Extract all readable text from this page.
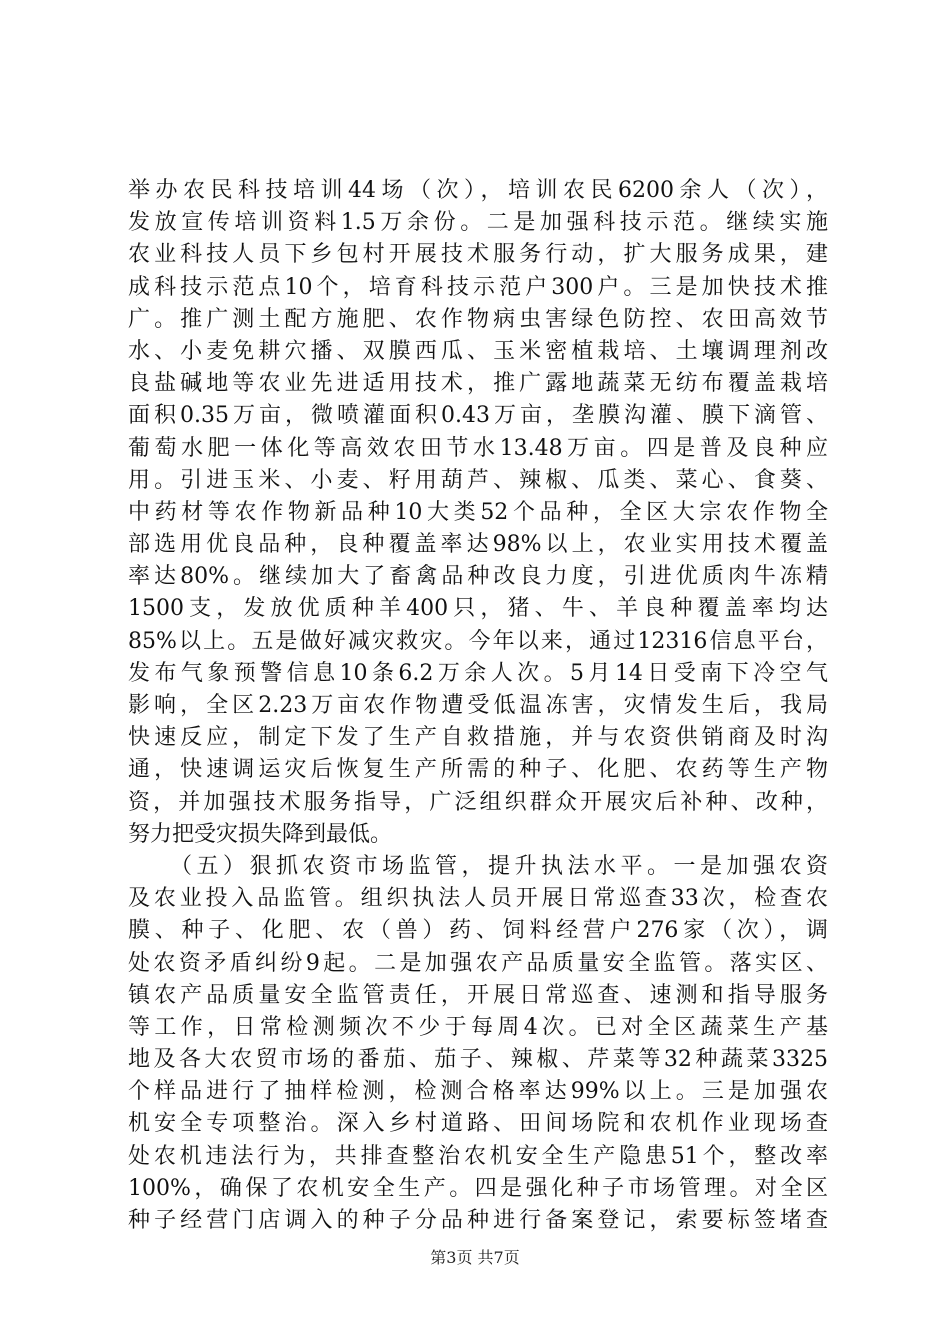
举办农民科技培训44场（次），培训农民6200余人（次），
发放宣传培训资料1.5万余份。二是加强科技示范。继续实施
农业科技人员下乡包村开展技术服务行动，扩大服务成果，建
成科技示范点10个，培育科技示范户300户。三是加快技术推
广。推广测土配方施肥、农作物病虫害绿色防控、农田高效节
水、小麦免耕穴播、双膜西瓜、玉米密植栽培、土壤调理剂改
良盐碱地等农业先进适用技术，推广露地蔬菜无纺布覆盖栽培
面积0.35万亩，微喷灌面积0.43万亩，垄膜沟灌、膜下滴管、
葡萄水肥一体化等高效农田节水13.48万亩。四是普及良种应
用。引进玉米、小麦、籽用葫芦、辣椒、瓜类、菜心、食葵、
中药材等农作物新品种10大类52个品种，全区大宗农作物全
部选用优良品种，良种覆盖率达98%以上，农业实用技术覆盖
率达80%。继续加大了畜禽品种改良力度，引进优质肉牛冻精
1500支，发放优质种羊400只，猪、牛、羊良种覆盖率均达
85%以上。五是做好减灾救灾。今年以来，通过12316信息平台，
发布气象预警信息10条6.2万余人次。5月14日受南下冷空气
影响，全区2.23万亩农作物遭受低温冻害，灾情发生后，我局
快速反应，制定下发了生产自救措施，并与农资供销商及时沟
通，快速调运灾后恢复生产所需的种子、化肥、农药等生产物
资，并加强技术服务指导，广泛组织群众开展灾后补种、改种，
努力把受灾损失降到最低。
　　（五）狠抓农资市场监管，提升执法水平。一是加强农资
及农业投入品监管。组织执法人员开展日常巡查33次，检查农
膜、种子、化肥、农（兽）药、饲料经营户276家（次），调
处农资矛盾纠纷9起。二是加强农产品质量安全监管。落实区、
镇农产品质量安全监管责任，开展日常巡查、速测和指导服务
等工作，日常检测频次不少于每周4次。已对全区蔬菜生产基
地及各大农贸市场的番茄、茄子、辣椒、芹菜等32种蔬菜3325
个样品进行了抽样检测，检测合格率达99%以上。三是加强农
机安全专项整治。深入乡村道路、田间场院和农机作业现场查
处农机违法行为，共排查整治农机安全生产隐患51个，整改率
100%，确保了农机安全生产。四是强化种子市场管理。对全区
种子经营门店调入的种子分品种进行备案登记，索要标签堵查
第3页 共7页
